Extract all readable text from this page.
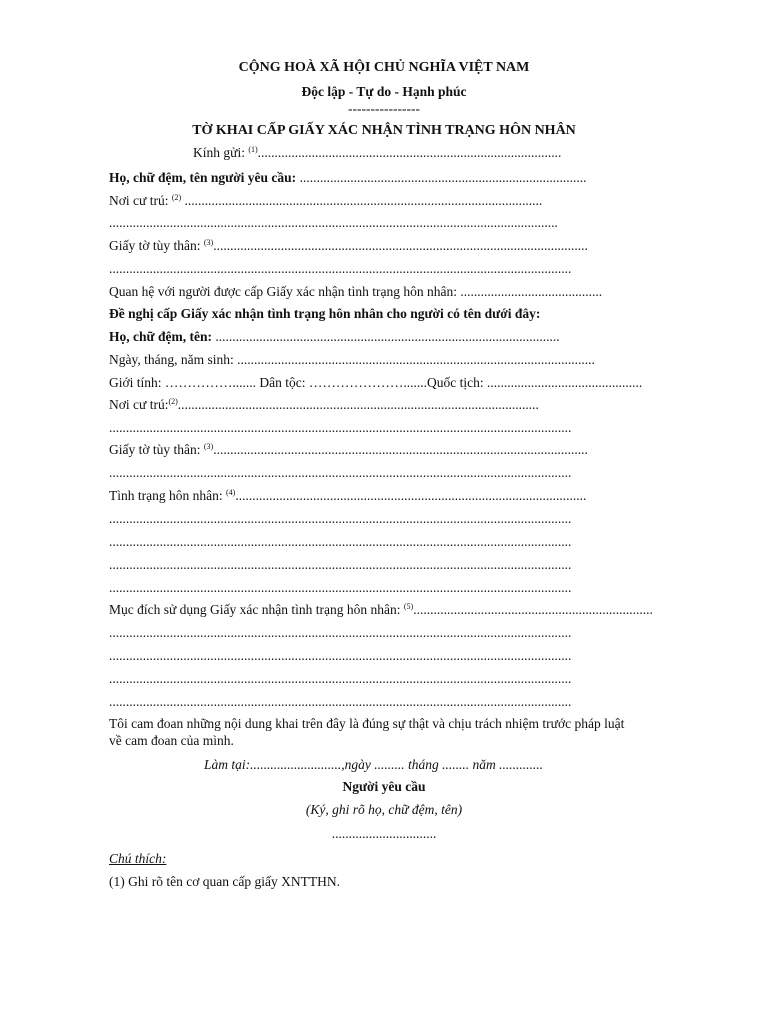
CỘNG HOÀ XÃ HỘI CHỦ NGHĨA VIỆT NAM
Độc lập - Tự do - Hạnh phúc
----------------
TỜ KHAI CẤP GIẤY XÁC NHẬN TÌNH TRẠNG HÔN NHÂN
Kính gửi: $^{(1)}$..........................................................................................
Họ, chữ đệm, tên người yêu cầu: .....................................................................................
Nơi cư trú: $^{(2)}$ ..........................................................................................................
.....................................................................................................................................
Giấy tờ tùy thân: $^{(3)}$...............................................................................................................
.........................................................................................................................................
Quan hệ với người được cấp Giấy xác nhận tình trạng hôn nhân: ..........................................
Đề nghị cấp Giấy xác nhận tình trạng hôn nhân cho người có tên dưới đây:
Họ, chữ đệm, tên: ......................................................................................................
Ngày, tháng, năm sinh: ..........................................................................................................
Giới tính: ……………....... Dân tộc: ………………….......Quốc tịch: ..............................................
Nơi cư trú:$^{(2)}$...........................................................................................................
.........................................................................................................................................
Giấy tờ tùy thân: $^{(3)}$...............................................................................................................
.........................................................................................................................................
Tình trạng hôn nhân: $^{(4)}$........................................................................................................
.........................................................................................................................................
.........................................................................................................................................
.........................................................................................................................................
.........................................................................................................................................
Mục đích sử dụng Giấy xác nhận tình trạng hôn nhân: $^{(5)}$.......................................................................
.........................................................................................................................................
.........................................................................................................................................
.........................................................................................................................................
.........................................................................................................................................
Tôi cam đoan những nội dung khai trên đây là đúng sự thật và chịu trách nhiệm trước pháp luật
về cam đoan của mình.
Làm tại:...........................,ngày ......... tháng ........ năm .............
Người yêu cầu
(Ký, ghi rõ họ, chữ đệm, tên)
...............................
Chú thích:
(1) Ghi rõ tên cơ quan cấp giấy XNTTHN.
